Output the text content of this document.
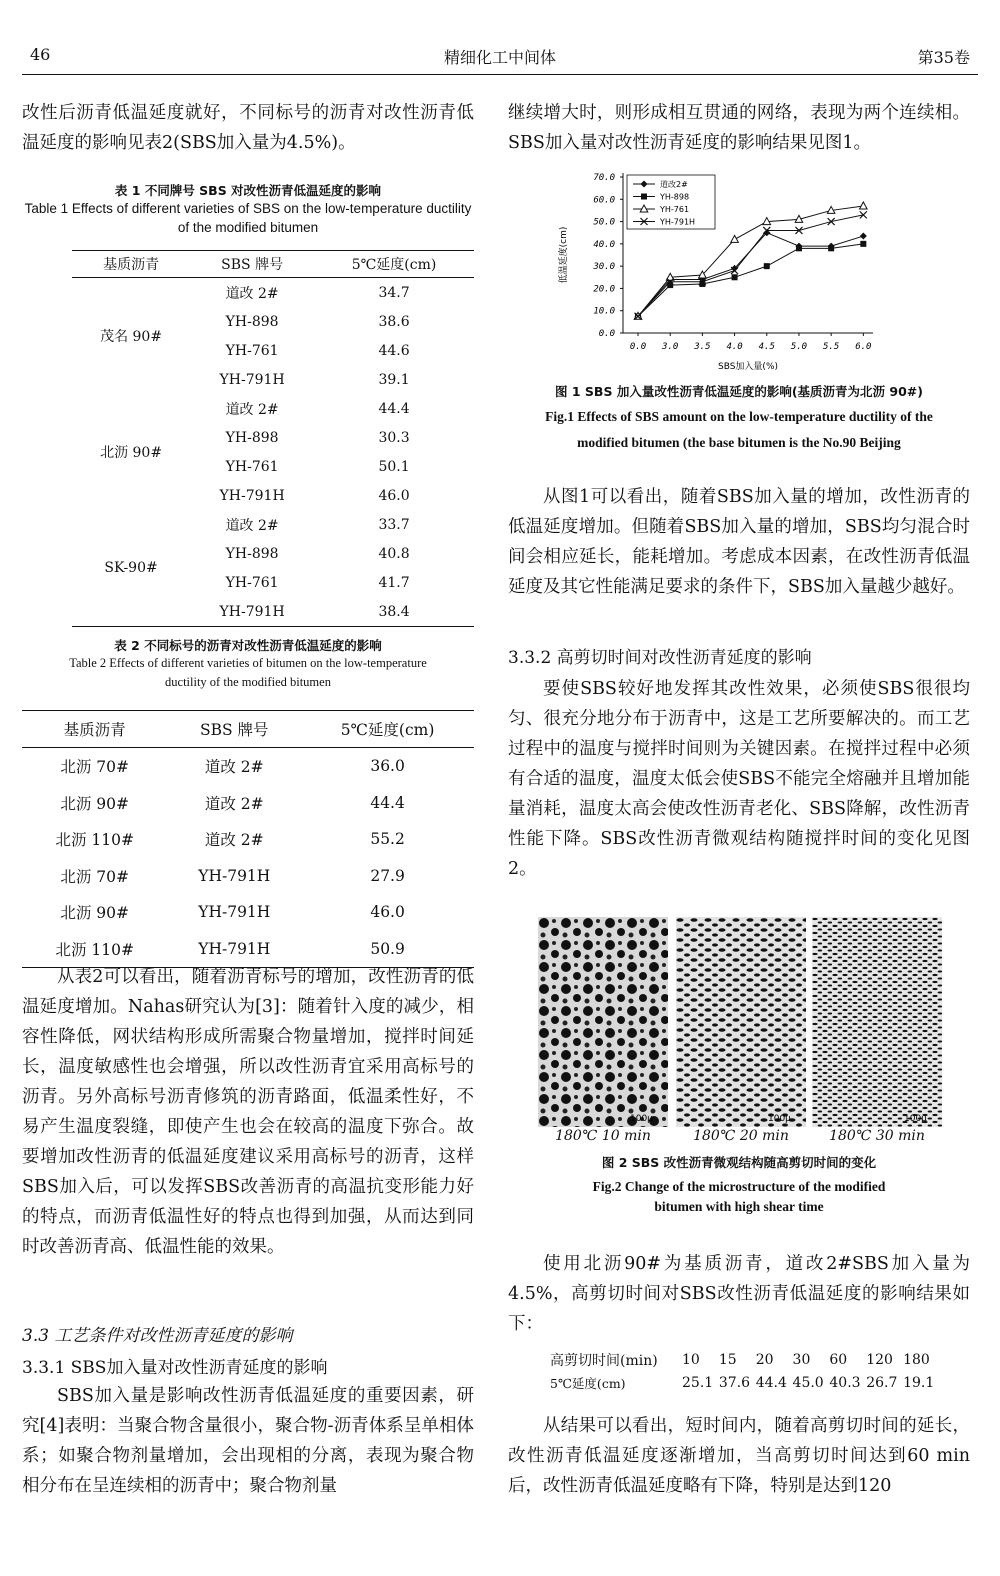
46	精细化工中间体	第35卷

改性后沥青低温延度就好，不同标号的沥青对改性沥青低温延度的影响见表2(SBS加入量为4.5%)。

表 1 不同牌号 SBS 对改性沥青低温延度的影响

Table 1 Effects of different varieties of SBS on the low-temperature ductility of the modified bitumen

基质沥青	SBS 牌号	5℃延度(cm)
茂名 90#	道改 2#	34.7
	YH-898	38.6
	YH-761	44.6
	YH-791H	39.1
北沥 90#	道改 2#	44.4
	YH-898	30.3
	YH-761	50.1
	YH-791H	46.0
SK-90#	道改 2#	33.7
	YH-898	40.8
	YH-761	41.7
	YH-791H	38.4

表 2 不同标号的沥青对改性沥青低温延度的影响

Table 2 Effects of different varieties of bitumen on the low-temperature ductility of the modified bitumen

基质沥青	SBS 牌号	5℃延度(cm)
北沥 70#	道改 2#	36.0
北沥 90#	道改 2#	44.4
北沥 110#	道改 2#	55.2
北沥 70#	YH-791H	27.9
北沥 90#	YH-791H	46.0
北沥 110#	YH-791H	50.9

从表2可以看出，随着沥青标号的增加，改性沥青的低温延度增加。Nahas研究认为[3]：随着针入度的减少，相容性降低，网状结构形成所需聚合物量增加，搅拌时间延长，温度敏感性也会增强，所以改性沥青宜采用高标号的沥青。另外高标号沥青修筑的沥青路面，低温柔性好，不易产生温度裂缝，即使产生也会在较高的温度下弥合。故要增加改性沥青的低温延度建议采用高标号的沥青，这样SBS加入后，可以发挥SBS改善沥青的高温抗变形能力好的特点，而沥青低温性好的特点也得到加强，从而达到同时改善沥青高、低温性能的效果。

3.3 工艺条件对改性沥青延度的影响

3.3.1 SBS加入量对改性沥青延度的影响

SBS加入量是影响改性沥青低温延度的重要因素，研究[4]表明：当聚合物含量很小，聚合物-沥青体系呈单相体系；如聚合物剂量增加，会出现相的分离，表现为聚合物相分布在呈连续相的沥青中；聚合物剂量

继续增大时，则形成相互贯通的网络，表现为两个连续相。SBS加入量对改性沥青延度的影响结果见图1。

0.0
10.0
20.0
30.0
40.0
50.0
60.0
70.0
0.0 3.0 3.5 4.0 4.5 5.0 5.5 6.0
SBS加入量(%)
低温延度(cm)
道改2#
YH-898
YH-761
YH-791H

图 1 SBS 加入量改性沥青低温延度的影响(基质沥青为北沥 90#)

Fig.1 Effects of SBS amount on the low-temperature ductility of the modified bitumen (the base bitumen is the No.90 Beijing

从图1可以看出，随着SBS加入量的增加，改性沥青的低温延度增加。但随着SBS加入量的增加，SBS均匀混合时间会相应延长，能耗增加。考虑成本因素，在改性沥青低温延度及其它性能满足要求的条件下，SBS加入量越少越好。

3.3.2 高剪切时间对改性沥青延度的影响

要使SBS较好地发挥其改性效果，必须使SBS很很均匀、很充分地分布于沥青中，这是工艺所要解决的。而工艺过程中的温度与搅拌时间则为关键因素。在搅拌过程中必须有合适的温度，温度太低会使SBS不能完全熔融并且增加能量消耗，温度太高会使改性沥青老化、SBS降解，改性沥青性能下降。SBS改性沥青微观结构随搅拌时间的变化见图2。

100μ	100μ	100μ
180℃ 10 min	180℃ 20 min	180℃ 30 min

图 2 SBS 改性沥青微观结构随高剪切时间的变化

Fig.2 Change of the microstructure of the modified

bitumen with high shear time

使用北沥90#为基质沥青，道改2#SBS加入量为4.5%，高剪切时间对SBS改性沥青低温延度的影响结果如下：

高剪切时间(min)	10	15	20	30	60	120	180
5℃延度(cm)	25.1	37.6	44.4	45.0	40.3	26.7	19.1

从结果可以看出，短时间内，随着高剪切时间的延长，改性沥青低温延度逐渐增加，当高剪切时间达到60 min后，改性沥青低温延度略有下降，特别是达到120
